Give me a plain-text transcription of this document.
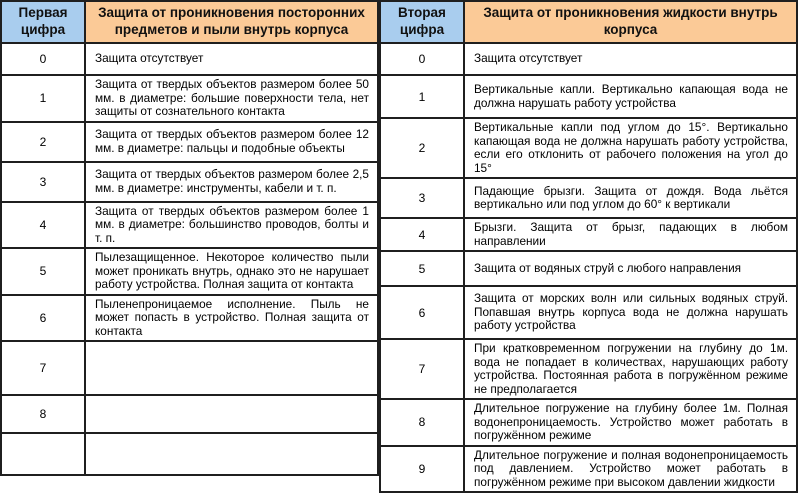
Первая цифра	Защита от проникновения посторонних предметов и пыли внутрь корпуса
0	Защита отсутствует
1	Защита от твердых объектов размером более 50 мм. в диаметре: большие поверхности тела, нет защиты от сознательного контакта
2	Защита от твердых объектов размером более 12 мм. в диаметре: пальцы и подобные объекты
3	Защита от твердых объектов размером более 2,5 мм. в диаметре: инструменты, кабели и т. п.
4	Защита от твердых объектов размером более 1 мм. в диаметре: большинство проводов, болты и т. п.
5	Пылезащищенное. Некоторое количество пыли может проникать внутрь, однако это не нарушает работу устройства. Полная защита от контакта
6	Пыленепроницаемое исполнение. Пыль не может попасть в устройство. Полная защита от контакта
7	
8	

Вторая цифра	Защита от проникновения жидкости внутрь корпуса
0	Защита отсутствует
1	Вертикальные капли. Вертикально капающая вода не должна нарушать работу устройства
2	Вертикальные капли под углом до 15°. Вертикально капающая вода не должна нарушать работу устройства, если его отклонить от рабочего положения на угол до 15°
3	Падающие брызги. Защита от дождя. Вода льётся вертикально или под углом до 60° к вертикали
4	Брызги. Защита от брызг, падающих в любом направлении
5	Защита от водяных струй с любого направления
6	Защита от морских волн или сильных водяных струй. Попавшая внутрь корпуса вода не должна нарушать работу устройства
7	При кратковременном погружении на глубину до 1м. вода не попадает в количествах, нарушающих работу устройства. Постоянная работа в погружённом режиме не предполагается
8	Длительное погружение на глубину более 1м. Полная водонепроницаемость. Устройство может работать в погружённом режиме
9	Длительное погружение и полная водонепроницаемость под давлением. Устройство может работать в погружённом режиме при высоком давлении жидкости
